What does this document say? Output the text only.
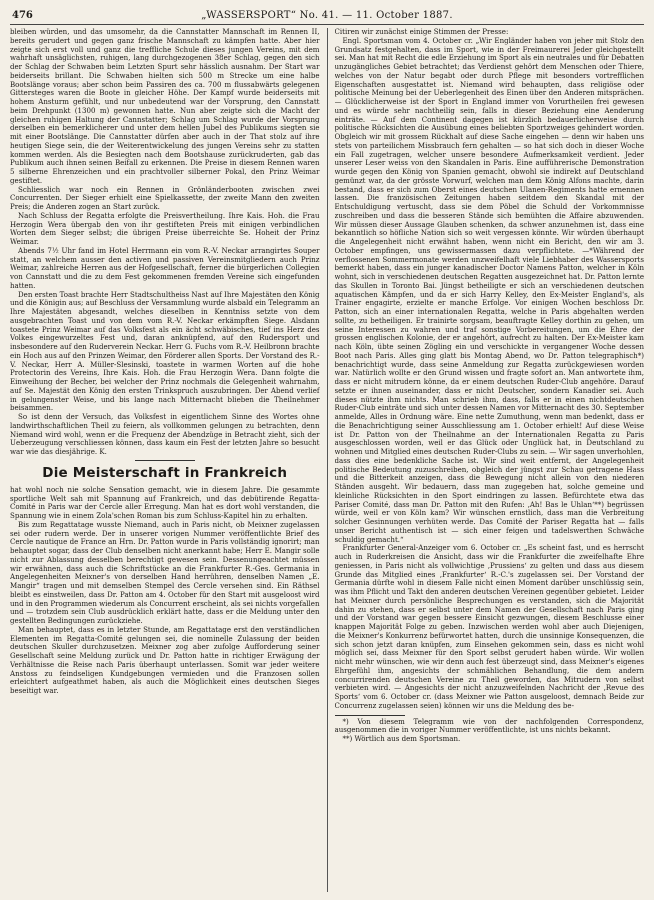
476	„WASSERSPORT“ No. 41. — 11. October 1887.

bleiben würden, und das umsomehr, da die Cannstatter Mannschaft im Rennen II, bereits gerudert und gegen ganz frische Mannschaft zu kämpfen hatte. Aber hier zeigte sich erst voll und ganz die treffliche Schule dieses jungen Vereins, mit dem wahrhaft unsäglichsten, ruhigen, lang durchgezogenen 38er Schlag, gegen den sich der Schlag der Schwaben beim Letzten Spurt sehr hässlich ausnahm. Der Start war beiderseits brillant. Die Schwaben hielten sich 500 m Strecke um eine halbe Bootslänge voraus; aber schon beim Passiren des ca. 700 m flussabwärts gelegenen Gittersteges waren die Boote in gleicher Höhe. Der Kampf wurde beiderseits mit hohem Ansturm gefühlt, und nur unbedeutend war der Vorsprung, den Cannstatt beim Drehpunkt (1300 m) gewonnen hatte. Nun aber zeigte sich die Macht der gleichen ruhigen Haltung der Cannstatter; Schlag um Schlag wurde der Vorsprung derselben ein bemerklicherer und unter dem hellen Jubel des Publikums siegten sie mit einer Bootslänge. Die Cannstatter dürfen aber auch in der That stolz auf ihre heutigen Siege sein, die der Weiterentwickelung des jungen Vereins sehr zu statten kommen werden. Als die Besiegten nach dem Bootshause zurückruderten, gab das Publikum auch ihnen seinen Beifall zu erkennen. Die Preise in diesem Rennen waren 5 silberne Ehrenzeichen und ein prachtvoller silberner Pokal, den Prinz Weimar gestiftet.

Schliesslich war noch ein Rennen in Grönländerbooten zwischen zwei Concurrenten. Der Sieger erhielt eine Spielkassette, der zweite Mann den zweiten Preis; die Anderen zogen an Start zurück.

Nach Schluss der Regatta erfolgte die Preisvertheilung. Ihre Kais. Hoh. die Frau Herzogin Wera übergab den von ihr gestifteten Preis mit einigen verbindlichen Worten dem Sieger selbst; die übrigen Preise überreichte Se. Hoheit der Prinz Weimar.

Abends 7½ Uhr fand im Hotel Herrmann ein vom R.-V. Neckar arrangirtes Souper statt, an welchem ausser den activen und passiven Vereinsmitgliedern auch Prinz Weimar, zahlreiche Herren aus der Hofgesellschaft, ferner die bürgerlichen Collegien von Cannstatt und die zu dem Fest gekommenen fremden Vereine sich eingefunden hatten.

Den ersten Toast brachte Herr Stadtschultheiss Nast auf Ihre Majestäten den König und die Königin aus; auf Beschluss der Versammlung wurde alsbald ein Telegramm an Ihre Majestäten abgesandt, welches dieselben in Kenntniss setzte von dem ausgebrachten Toast und von dem vom R.-V. Neckar erkämpften Siege. Alsdann toastete Prinz Weimar auf das Volksfest als ein ächt schwäbisches, tief ins Herz des Volkes eingewurzeltes Fest und, daran anknüpfend, auf den Rudersport und insbesondere auf den Ruderverein Neckar. Herr G. Fuchs vom R.-V. Heilbronn brachte ein Hoch aus auf den Prinzen Weimar, den Förderer allen Sports. Der Vorstand des R.-V. Neckar, Herr A. Müller-Slesinski, toastete in warmen Worten auf die hohe Protectorin des Vereins, Ihre Kais. Hoh. die Frau Herzogin Wera. Dann folgte die Einweihung der Becher, bei welcher der Prinz nochmals die Gelegenheit wahrnahm, auf Se. Majestät den König den ersten Trinkspruch auszubringen. Der Abend verlief in gelungenster Weise, und bis lange nach Mitternacht blieben die Theilnehmer beisammen.

So ist denn der Versuch, das Volksfest in eigentlichem Sinne des Wortes ohne landwirthschaftlichen Theil zu feiern, als vollkommen gelungen zu betrachten, denn Niemand wird wohl, wenn er die Frequenz der Abendzüge in Betracht zieht, sich der Ueberzeugung verschliessen können, dass kaum ein Fest der letzten Jahre so besucht war wie das diesjährige. K.

Die Meisterschaft in Frankreich

hat wohl noch nie solche Sensation gemacht, wie in diesem Jahre. Die gesammte sportliche Welt sah mit Spannung auf Frankreich, und das debütirende Regatta-Comité in Paris war der Cercle aller Erregung. Man hat es dort wohl verstanden, die Spannung wie in einem Zola'schen Roman bis zum Schluss-Kapitel hin zu erhalten.

Bis zum Regattatage wusste Niemand, auch in Paris nicht, ob Meixner zugelassen sei oder rudern werde. Der in unserer vorigen Nummer veröffentlichte Brief des Cercle nautique de France an Hrn. Dr. Patton wurde in Paris vollständig ignorirt; man behauptet sogar, dass der Club denselben nicht anerkannt habe; Herr E. Mangir solle nicht zur Ablassung desselben berechtigt gewesen sein. Dessenungeachtet müssen wir erwähnen, dass auch die Schriftstücke an die Frankfurter R.-Ges. Germania in Angelegenheiten Meixner's von derselben Hand herrühren, denselben Namen „E. Mangir“ tragen und mit demselben Stempel des Cercle versehen sind. Ein Räthsel bleibt es einstweilen, dass Dr. Patton am 4. October für den Start mit ausgeloost wird und in den Programmen wiederum als Concurrent erscheint, als sei nichts vorgefallen und — trotzdem sein Club ausdrücklich erklärt hatte, dass er die Meldung unter den gestellten Bedingungen zurückziehe.

Man behauptet, dass es in letzter Stunde, am Regattatage erst den verständlichen Elementen im Regatta-Comité gelungen sei, die nominelle Zulassung der beiden deutschen Skuller durchzusetzen. Meixner zog aber zufolge Aufforderung seiner Gesellschaft seine Meldung zurück und Dr. Patton hatte in richtiger Erwägung der Verhältnisse die Reise nach Paris überhaupt unterlassen. Somit war jeder weitere Anstoss zu feindseligen Kundgebungen vermieden und die Franzosen sollen erleichtert aufgeathmet haben, als auch die Möglichkeit eines deutschen Sieges beseitigt war.

Citiren wir zunächst einige Stimmen der Presse:

Engl. Sportsman vom 4. October cr. „Wir Engländer haben von jeher mit Stolz den Grundsatz festgehalten, dass im Sport, wie in der Freimaurerei Jeder gleichgestellt sei. Man hat mit Recht die edle Erziehung im Sport als ein neutrales und für Debatten unzugängliches Gebiet betrachtet; das Verdienst gehört dem Menschen oder Thiere, welches von der Natur begabt oder durch Pflege mit besonders vortrefflichen Eigenschaften ausgestattet ist. Niemand wird behaupten, dass religiöse oder politische Meinung bei der Ueberlegenheit des Einen über den Anderen mitsprächen. — Glücklicherweise ist der Sport in England immer von Vorurtheilen frei gewesen und es würde sehr nachtheilig sein, falls in dieser Beziehung eine Aenderung einträte. — Auf dem Continent dagegen ist kürzlich bedauerlicherweise durch politische Rücksichten die Ausübung eines beliebten Sportzweiges gehindert worden. Obgleich wir mit grossem Rückhalt auf diese Sache eingehen — denn wir haben uns stets von parteilichem Missbrauch fern gehalten — so hat sich doch in dieser Woche ein Fall zugetragen, welcher unsere besondere Aufmerksamkeit verdient. Jeder unserer Leser weiss von den Skandalen in Paris. Eine aufführerische Demonstration wurde gegen den König von Spanien gemacht, obwohl sie indirekt auf Deutschland gemünzt war, da der grösste Vorwurf, welchen man dem König Alfons machte, darin bestand, dass er sich zum Oberst eines deutschen Ulanen-Regiments hatte ernennen lassen. Die französischen Zeitungen haben seitdem den Skandal mit der Entschuldigung vertuscht, dass sie dem Pöbel die Schuld der Vorkommnisse zuschreiben und dass die besseren Stände sich bemühten die Affaire abzuwenden. Wir müssen dieser Aussage Glauben schenken, da schwer anzunehmen ist, dass eine bekanntlich so höfliche Nation sich so weit vergessen könnte. Wir würden überhaupt die Angelegenheit nicht erwähnt haben, wenn nicht ein Bericht, den wir am 3. October empfingen, uns gewissermassen dazu verpflichtete. —*Während der verflossenen Sommermonate werden unzweifelhaft viele Liebhaber des Wassersports bemerkt haben, dass ein junger kanadischer Doctor Namens Patton, welcher in Köln wohnt, sich in verschiedenen deutschen Regatten ausgezeichnet hat. Dr. Patton lernte das Skullen in Toronto Bai. Jüngst betheiligte er sich an verschiedenen deutschen aquatischen Kämpfen, und da er sich Harry Kelley, den Ex-Meister England's, als Trainer engagirte, erzielte er manche Erfolge. Vor einigen Wochen beschloss Dr. Patton, sich an einer internationalen Regatta, welche in Paris abgehalten werden sollte, zu betheiligen. Er trainirte sorgsam, beauftragte Kelley dorthin zu gehen, um seine Interessen zu wahren und traf sonstige Vorbereitungen, um die Ehre der grossen englischen Kolonie, der er angehört, aufrecht zu halten. Der Ex-Meister kam nach Köln, übte seinen Zögling ein und verschickte in vergangener Woche dessen Boot nach Paris. Alles ging glatt bis Montag Abend, wo Dr. Patton telegraphisch*) benachrichtigt wurde, dass seine Anmeldung zur Regatta zurückgewiesen worden war. Natürlich wollte er den Grund wissen und fragte sofort an. Man antwortete ihm, dass er nicht mitrudern könne, da er einem deutschen Ruder-Club angehöre. Darauf setzte er ihnen auseinander, dass er nicht Deutscher, sondern Kanadier sei. Auch dieses nützte ihm nichts. Man schrieb ihm, dass, falls er in einen nichtdeutschen Ruder-Club einträte und sich unter dessen Namen vor Mitternacht des 30. September anmelde, Alles in Ordnung wäre. Eine nette Zumuthung, wenn man bedenkt, dass er die Benachrichtigung seiner Ausschliessung am 1. October erhielt! Auf diese Weise ist Dr. Patton von der Theilnahme an der Internationalen Regatta zu Paris ausgeschlossen worden, weil er das Glück oder Unglück hat, in Deutschland zu wohnen und Mitglied eines deutschen Ruder-Clubs zu sein. — Wir sagen unverhohlen, dass dies eine bedenkliche Sache ist. Wir sind weit entfernt, der Angelegenheit politische Bedeutung zuzuschreiben, obgleich der jüngst zur Schau getragene Hass und die Bitterkeit anzeigen, dass die Bewegung nicht allein von den niederen Ständen ausgeht. Wir bedauern, dass man zugegeben hat, solche gemeine und kleinliche Rücksichten in den Sport eindringen zu lassen. Befürchtete etwa das Pariser Comité, dass man Dr. Patton mit den Rufen: ‚Ah! Bas le Uhlan‘**) begrüssen würde, weil er von Köln kam? Wir wünschen ernstlich, dass man die Verbreitung solcher Gesinnungen verhüten werde. Das Comité der Pariser Regatta hat — falls unser Bericht authentisch ist — sich einer feigen und tadelswerthen Schwäche schuldig gemacht.“

Frankfurter General-Anzeiger vom 6. October cr. „Es scheint fast, und es herrscht auch in Ruderkreisen die Ansicht, dass wir die Frankfurter die zweifelhafte Ehre geniessen, in Paris nicht als vollwichtige ‚Prussiens‘ zu gelten und dass aus diesem Grunde das Mitglied eines ‚Frankfurter‘ R.-C.'s zugelassen sei. Der Vorstand der Germania dürfte wohl in diesem Falle nicht einen Moment darüber unschlüssig sein, was ihm Pflicht und Takt den anderen deutschen Vereinen gegenüber gebietet. Leider hat Meixner durch persönliche Besprechungen es verstanden, sich die Majorität dahin zu stehen, dass er selbst unter dem Namen der Gesellschaft nach Paris ging und der Vorstand war gegen bessere Einsicht gezwungen, diesem Beschlusse einer knappen Majorität Folge zu geben. Inzwischen werden wohl aber auch Diejenigen, die Meixner's Konkurrenz befürwortet hatten, durch die unsinnige Konsequenzen, die sich schon jetzt daran knüpfen, zum Einsehen gekommen sein, dass es nicht wohl möglich sei, dass Meixner für den Sport selbst gerudert haben würde. Wir wollen nicht mehr wünschen, wie wir denn auch fest überzeugt sind, dass Meixner's eigenes Ehrgefühl ihm, angesichts der schmählichen Behandlung, die dem andern concurrirenden deutschen Vereine zu Theil geworden, das Mitrudern von selbst verbieten wird. — Angesichts der nicht anzuzweifelnden Nachricht der ‚Revue des Sports‘ vom 6. October cr. (dass Meixner wie Patton ausgeloost, demnach Beide zur Concurrenz zugelassen seien) können wir uns die Meldung des be-

*) Von diesem Telegramm wie von der nachfolgenden Correspondenz, ausgenommen die in voriger Nummer veröffentlichte, ist uns nichts bekannt.

**) Wörtlich aus dem Sportsman.
